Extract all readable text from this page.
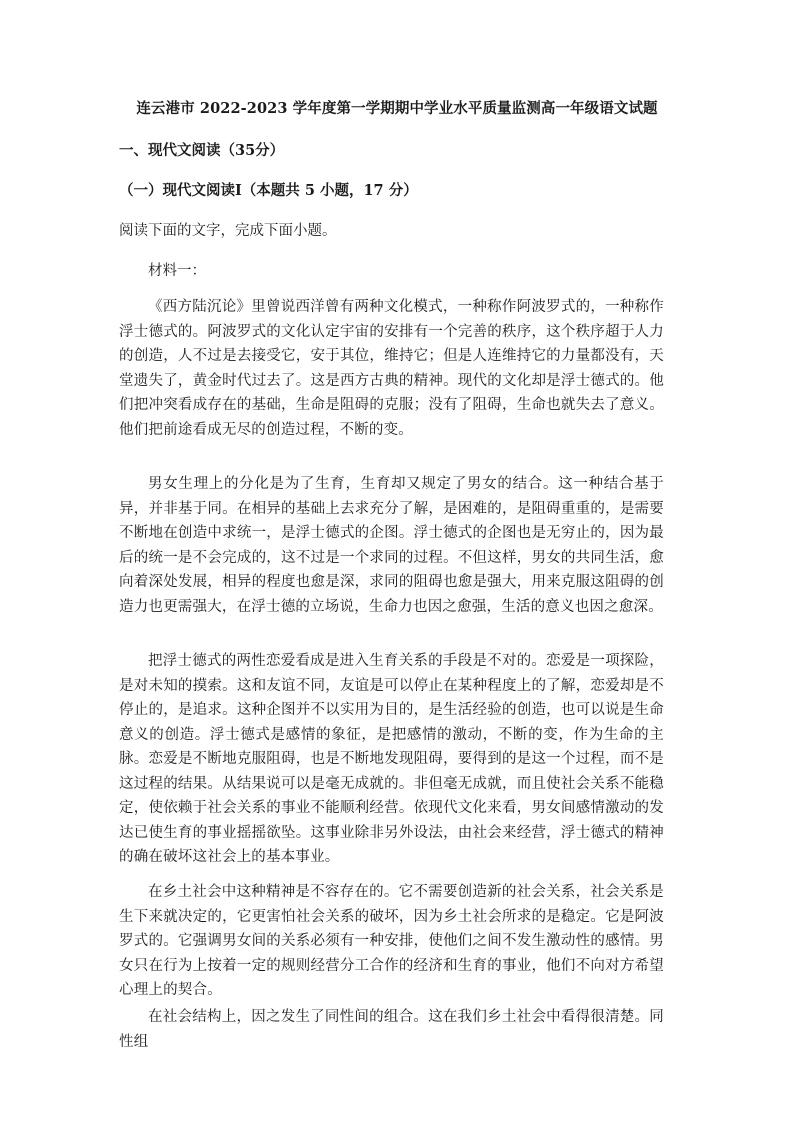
连云港市 2022-2023 学年度第一学期期中学业水平质量监测高一年级语文试题
一、现代文阅读（35分）
（一）现代文阅读Ⅰ（本题共 5 小题，17 分）
阅读下面的文字，完成下面小题。
材料一：

《西方陆沉论》里曾说西洋曾有两种文化模式，一种称作阿波罗式的，一种称作浮士德式的。阿波罗式的文化认定宇宙的安排有一个完善的秩序，这个秩序超于人力的创造，人不过是去接受它，安于其位，维持它；但是人连维持它的力量都没有，天堂遗失了，黄金时代过去了。这是西方古典的精神。现代的文化却是浮士德式的。他们把冲突看成存在的基础，生命是阻碍的克服；没有了阻碍，生命也就失去了意义。他们把前途看成无尽的创造过程，不断的变。

男女生理上的分化是为了生育，生育却又规定了男女的结合。这一种结合基于异，并非基于同。在相异的基础上去求充分了解，是困难的，是阻碍重重的，是需要不断地在创造中求统一，是浮士德式的企图。浮士德式的企图也是无穷止的，因为最后的统一是不会完成的，这不过是一个求同的过程。不但这样，男女的共同生活，愈向着深处发展，相异的程度也愈是深，求同的阻碍也愈是强大，用来克服这阻碍的创造力也更需强大，在浮士德的立场说，生命力也因之愈强，生活的意义也因之愈深。

把浮士德式的两性恋爱看成是进入生育关系的手段是不对的。恋爱是一项探险，是对未知的摸索。这和友谊不同，友谊是可以停止在某种程度上的了解，恋爱却是不停止的，是追求。这种企图并不以实用为目的，是生活经验的创造，也可以说是生命意义的创造。浮士德式是感情的象征，是把感情的激动，不断的变，作为生命的主脉。恋爱是不断地克服阻碍，也是不断地发现阻碍，要得到的是这一个过程，而不是这过程的结果。从结果说可以是毫无成就的。非但毫无成就，而且使社会关系不能稳定，使依赖于社会关系的事业不能顺利经营。依现代文化来看，男女间感情激动的发达已使生育的事业摇摇欲坠。这事业除非另外设法，由社会来经营，浮士德式的精神的确在破坏这社会上的基本事业。

在乡土社会中这种精神是不容存在的。它不需要创造新的社会关系，社会关系是生下来就决定的，它更害怕社会关系的破坏，因为乡土社会所求的是稳定。它是阿波罗式的。它强调男女间的关系必须有一种安排，使他们之间不发生激动性的感情。男女只在行为上按着一定的规则经营分工合作的经济和生育的事业，他们不向对方希望心理上的契合。

在社会结构上，因之发生了同性间的组合。这在我们乡土社会中看得很清楚。同性组
